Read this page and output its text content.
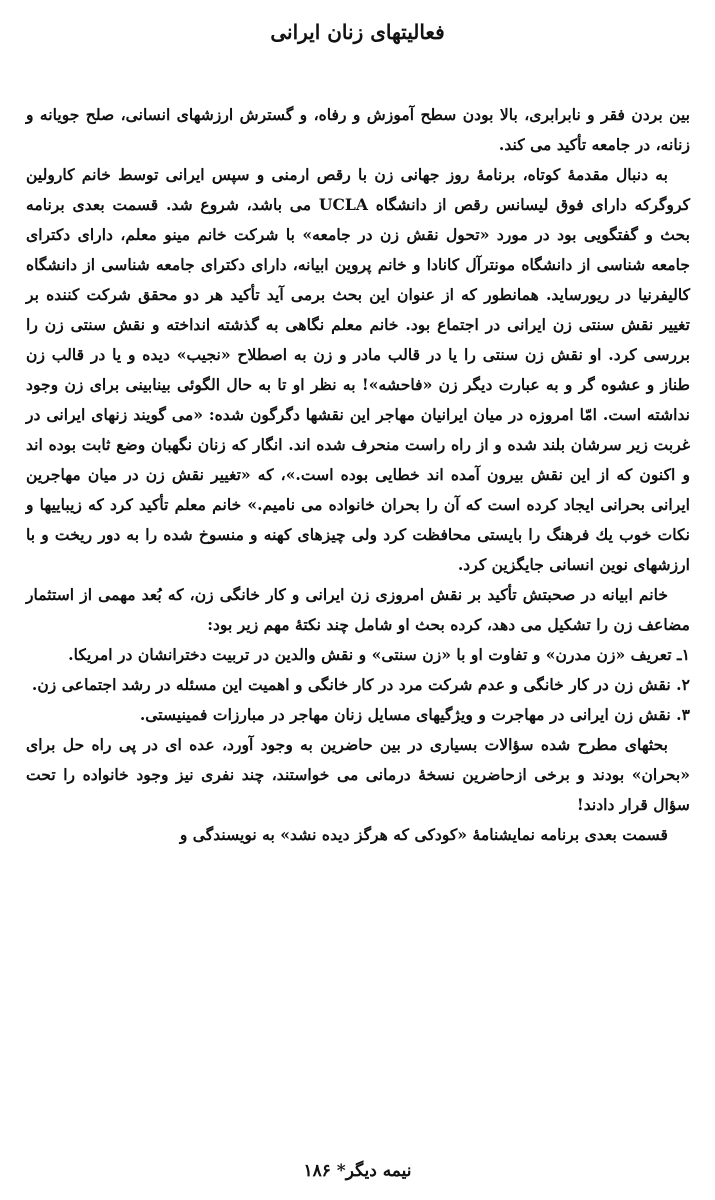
فعالیتهای زنان ایرانی

بین بردن فقر و نابرابری، بالا بودن سطح آموزش و رفاه، و گسترش ارزشهای انسانی، صلح جویانه و زنانه، در جامعه تأکید می کند.

به دنبال مقدمهٔ کوتاه، برنامهٔ روز جهانی زن با رقص ارمنی و سپس ایرانی توسط خانم کارولین کروگرکه دارای فوق لیسانس رقص از دانشگاه UCLA می باشد، شروع شد. قسمت بعدی برنامه بحث و گفتگویی بود در مورد «تحول نقش زن در جامعه» با شرکت خانم مینو معلم، دارای دکترای جامعه شناسی از دانشگاه مونترآل کانادا و خانم پروین ابیانه، دارای دکترای جامعه شناسی از دانشگاه کالیفرنیا در ریورساید. همانطور که از عنوان این بحث برمی آید تأکید هر دو محقق شرکت کننده بر تغییر نقش سنتی زن ایرانی در اجتماع بود. خانم معلم نگاهی به گذشته انداخته و نقش سنتی زن را بررسی کرد. او نقش زن سنتی را یا در قالب مادر و زن به اصطلاح «نجیب» دیده و یا در قالب زن طناز و عشوه گر و به عبارت دیگر زن «فاحشه»! به نظر او تا به حال الگوئی بینابینی برای زن وجود نداشته است. امّا امروزه در میان ایرانیان مهاجر این نقشها دگرگون شده: «می گویند زنهای ایرانی در غربت زیر سرشان بلند شده و از راه راست منحرف شده اند. انگار که زنان نگهبان وضع ثابت بوده اند و اکنون که از این نقش بیرون آمده اند خطایی بوده است.»، که «تغییر نقش زن در میان مهاجرین ایرانی بحرانی ایجاد کرده است که آن را بحران خانواده می نامیم.» خانم معلم تأکید کرد که زیباییها و نکات خوب یك فرهنگ را بایستی محافظت کرد ولی چیزهای کهنه و منسوخ شده را به دور ریخت و با ارزشهای نوین انسانی جایگزین کرد.

خانم ابیانه در صحبتش تأکید بر نقش امروزی زن ایرانی و کار خانگی زن، که بُعد مهمی از استثمار مضاعف زن را تشکیل می دهد، کرده بحث او شامل چند نکتهٔ مهم زیر بود:

۱ـ تعریف «زن مدرن» و تفاوت او با «زن سنتی» و نقش والدین در تربیت دخترانشان در امریکا.

۲. نقش زن در کار خانگی و عدم شرکت مرد در کار خانگی و اهمیت این مسئله در رشد اجتماعی زن.

۳. نقش زن ایرانی در مهاجرت و ویژگیهای مسایل زنان مهاجر در مبارزات فمینیستی.

بحثهای مطرح شده سؤالات بسیاری در بین حاضرین به وجود آورد، عده ای در پی راه حل برای «بحران» بودند و برخی ازحاضرین نسخهٔ درمانی می خواستند، چند نفری نیز وجود خانواده را تحت سؤال قرار دادند!

قسمت بعدی برنامه نمایشنامهٔ «کودکی که هرگز دیده نشد» به نویسندگی و

نیمه دیگر* ۱۸۶
